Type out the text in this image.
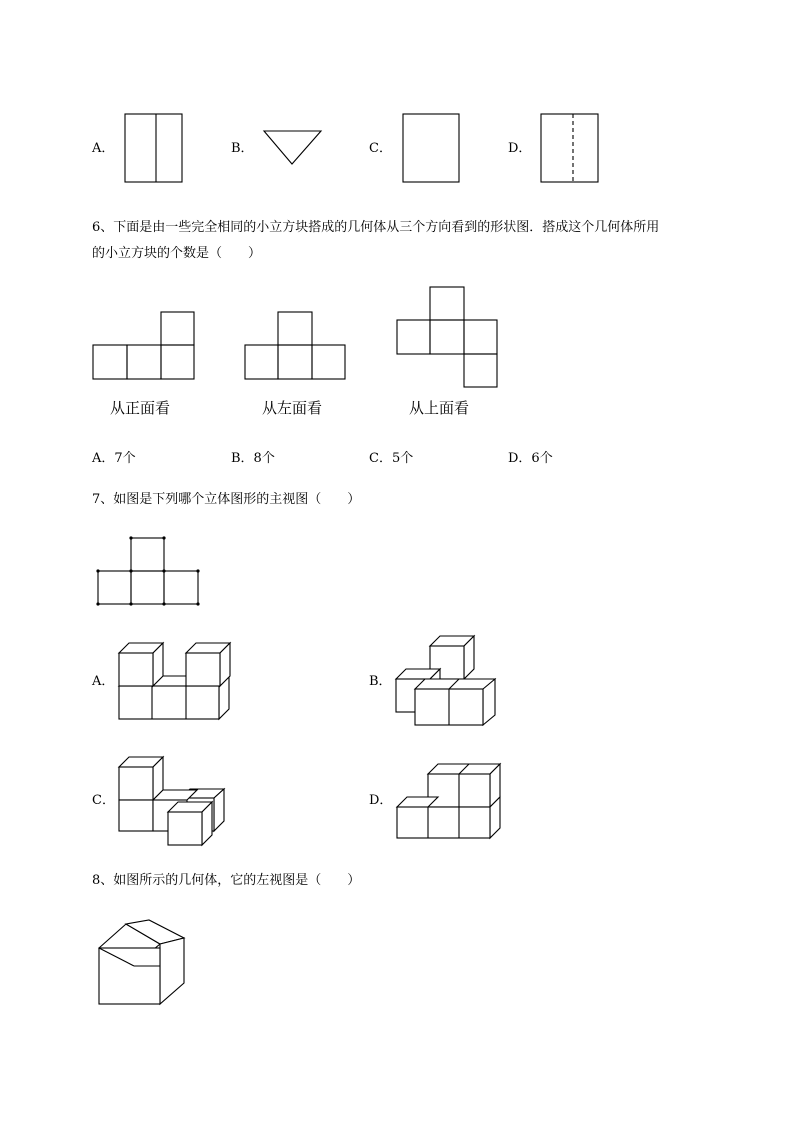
A．	B．	C．	D．
6、下面是由一些完全相同的小立方块搭成的几何体从三个方向看到的形状图．搭成这个几何体所用
的小立方块的个数是（　　）
从正面看	从左面看	从上面看
A．7个	B．8个	C．5个	D．6个
7、如图是下列哪个立体图形的主视图（　　）
A．	B．
C．	D．
8、如图所示的几何体，它的左视图是（　　）
